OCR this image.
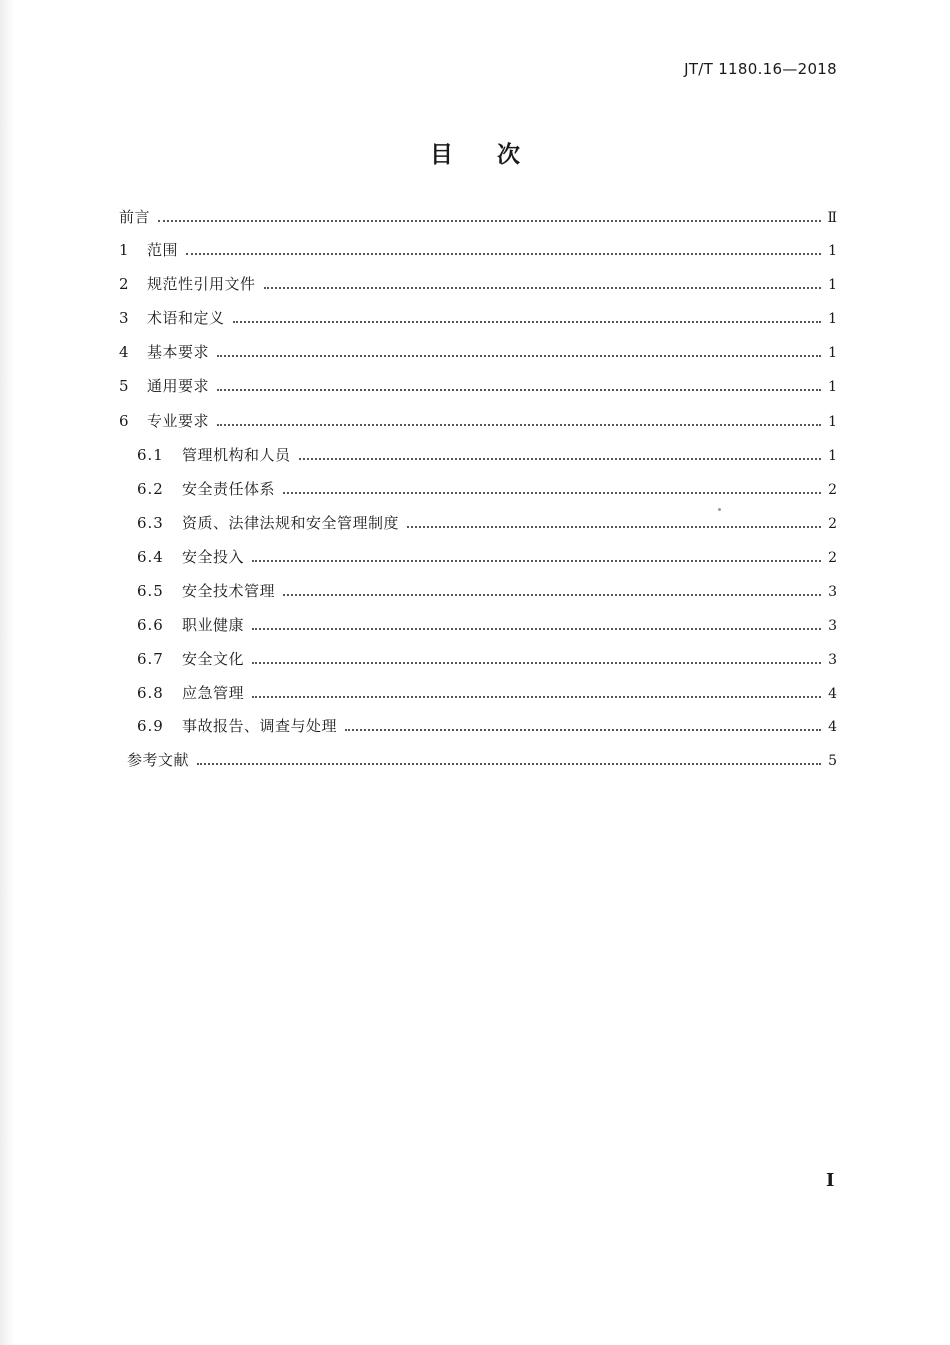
JT/T 1180.16—2018
目次
前言	Ⅱ
1	范围	1
2	规范性引用文件	1
3	术语和定义	1
4	基本要求	1
5	通用要求	1
6	专业要求	1
6.1	管理机构和人员	1
6.2	安全责任体系	2
6.3	资质、法律法规和安全管理制度	2
6.4	安全投入	2
6.5	安全技术管理	3
6.6	职业健康	3
6.7	安全文化	3
6.8	应急管理	4
6.9	事故报告、调查与处理	4
参考文献	5
I
